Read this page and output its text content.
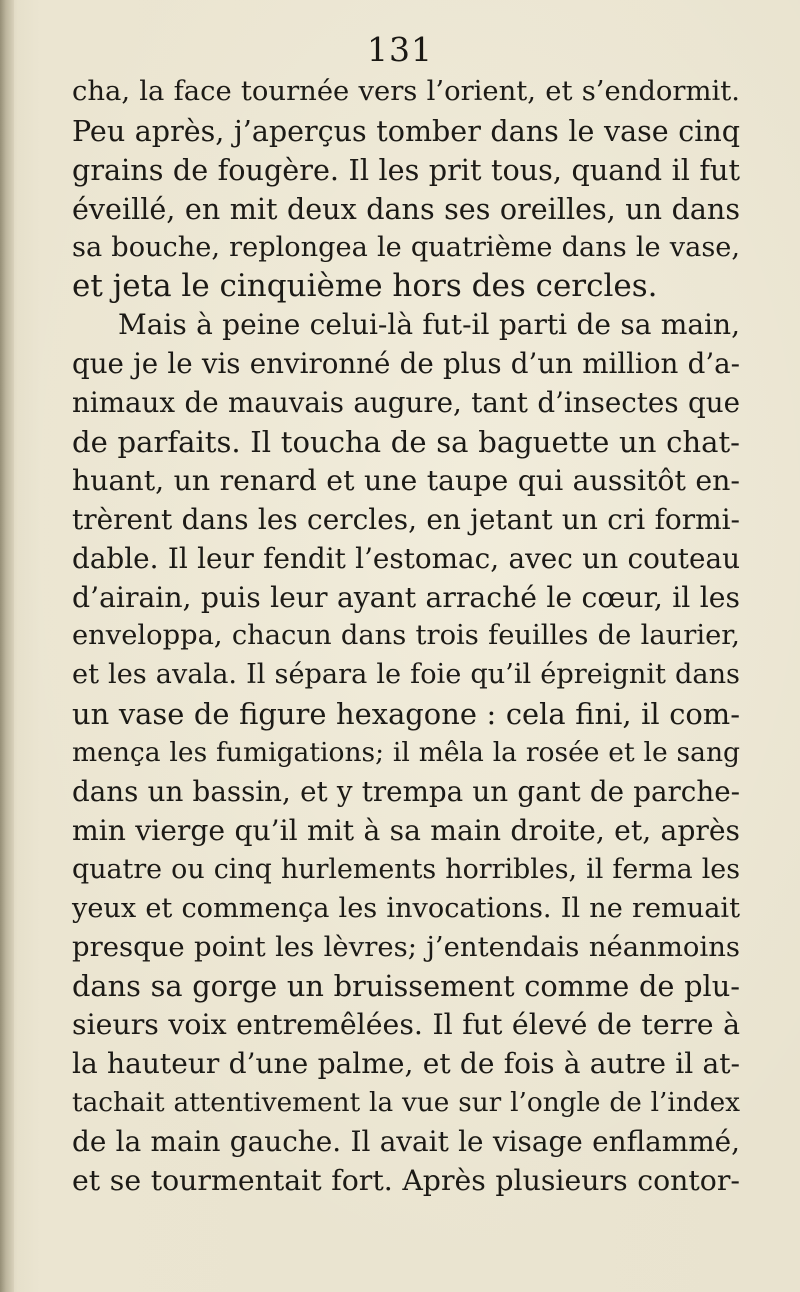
131
cha, la face tournée vers l’orient, et s’endormit.
Peu après, j’aperçus tomber dans le vase cinq
grains de fougère. Il les prit tous, quand il fut
éveillé, en mit deux dans ses oreilles, un dans
sa bouche, replongea le quatrième dans le vase,
et jeta le cinquième hors des cercles.
Mais à peine celui-là fut-il parti de sa main,
que je le vis environné de plus d’un million d’a-
nimaux de mauvais augure, tant d’insectes que
de parfaits. Il toucha de sa baguette un chat-
huant, un renard et une taupe qui aussitôt en-
trèrent dans les cercles, en jetant un cri formi-
dable. Il leur fendit l’estomac, avec un couteau
d’airain, puis leur ayant arraché le cœur, il les
enveloppa, chacun dans trois feuilles de laurier,
et les avala. Il sépara le foie qu’il épreignit dans
un vase de figure hexagone : cela fini, il com-
mença les fumigations; il mêla la rosée et le sang
dans un bassin, et y trempa un gant de parche-
min vierge qu’il mit à sa main droite, et, après
quatre ou cinq hurlements horribles, il ferma les
yeux et commença les invocations. Il ne remuait
presque point les lèvres; j’entendais néanmoins
dans sa gorge un bruissement comme de plu-
sieurs voix entremêlées. Il fut élevé de terre à
la hauteur d’une palme, et de fois à autre il at-
tachait attentivement la vue sur l’ongle de l’index
de la main gauche. Il avait le visage enflammé,
et se tourmentait fort. Après plusieurs contor-
